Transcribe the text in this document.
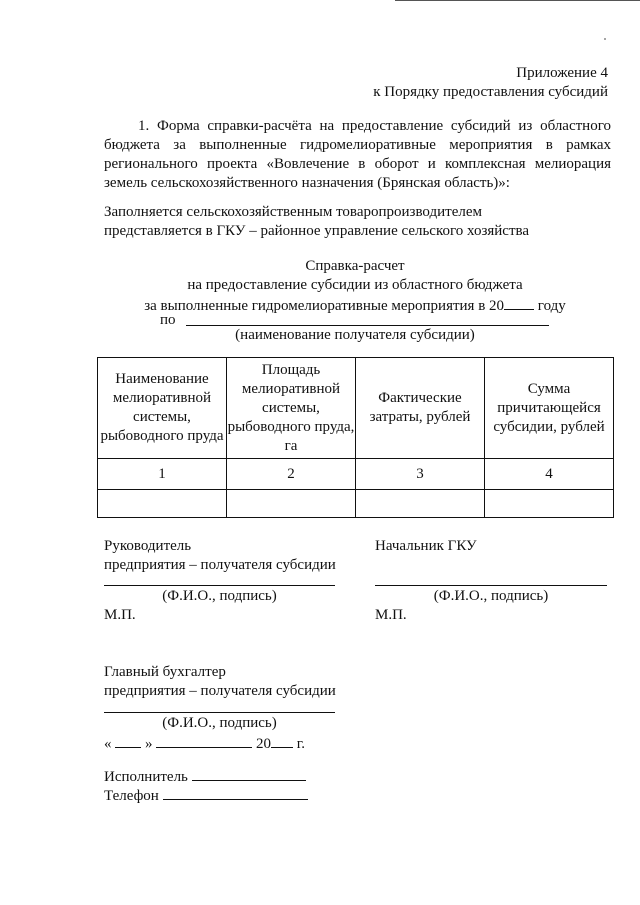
Приложение 4
к Порядку предоставления субсидий
1. Форма справки-расчёта на предоставление субсидий из областного
бюджета за выполненные гидромелиоративные мероприятия в рамках
регионального проекта «Вовлечение в оборот и комплексная мелиорация
земель сельскохозяйственного назначения (Брянская область)»:
Заполняется сельскохозяйственным товаропроизводителем
представляется в ГКУ – районное управление сельского хозяйства
Справка-расчет
на предоставление субсидии из областного бюджета
за выполненные гидромелиоративные мероприятия в 20 году
по
(наименование получателя субсидии)
Наименование мелиоративной системы, рыбоводного пруда	Площадь мелиоративной системы, рыбоводного пруда, га	Фактические затраты, рублей	Сумма причитающейся субсидии, рублей
1	2	3	4

Руководитель
предприятия – получателя субсидии
(Ф.И.О., подпись)
М.П.
Начальник ГКУ
(Ф.И.О., подпись)
М.П.
Главный бухгалтер
предприятия – получателя субсидии
(Ф.И.О., подпись)
« »	20 г.
Исполнитель
Телефон
